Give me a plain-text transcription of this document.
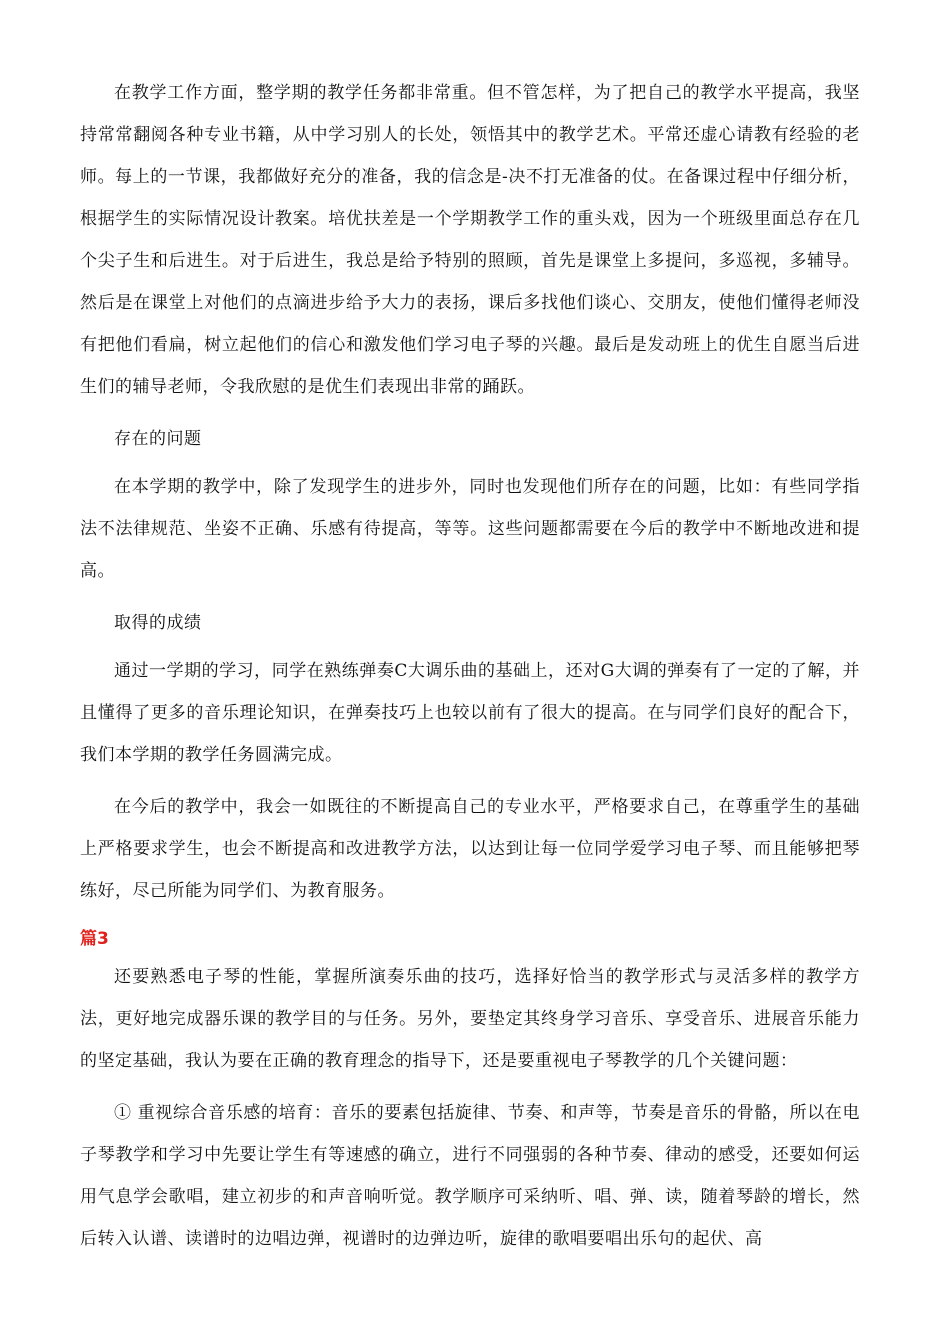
在教学工作方面，整学期的教学任务都非常重。但不管怎样，为了把自己的教学水平提高，我坚持常常翻阅各种专业书籍，从中学习别人的长处，领悟其中的教学艺术。平常还虚心请教有经验的老师。每上的一节课，我都做好充分的准备，我的信念是-决不打无准备的仗。在备课过程中仔细分析，根据学生的实际情况设计教案。培优扶差是一个学期教学工作的重头戏，因为一个班级里面总存在几个尖子生和后进生。对于后进生，我总是给予特别的照顾，首先是课堂上多提问，多巡视，多辅导。然后是在课堂上对他们的点滴进步给予大力的表扬，课后多找他们谈心、交朋友，使他们懂得老师没有把他们看扁，树立起他们的信心和激发他们学习电子琴的兴趣。最后是发动班上的优生自愿当后进生们的辅导老师，令我欣慰的是优生们表现出非常的踊跃。

存在的问题

在本学期的教学中，除了发现学生的进步外，同时也发现他们所存在的问题，比如：有些同学指法不法律规范、坐姿不正确、乐感有待提高，等等。这些问题都需要在今后的教学中不断地改进和提高。

取得的成绩

通过一学期的学习，同学在熟练弹奏C大调乐曲的基础上，还对G大调的弹奏有了一定的了解，并且懂得了更多的音乐理论知识，在弹奏技巧上也较以前有了很大的提高。在与同学们良好的配合下，我们本学期的教学任务圆满完成。

在今后的教学中，我会一如既往的不断提高自己的专业水平，严格要求自己，在尊重学生的基础上严格要求学生，也会不断提高和改进教学方法，以达到让每一位同学爱学习电子琴、而且能够把琴练好，尽己所能为同学们、为教育服务。

篇3

还要熟悉电子琴的性能，掌握所演奏乐曲的技巧，选择好恰当的教学形式与灵活多样的教学方法，更好地完成器乐课的教学目的与任务。另外，要垫定其终身学习音乐、享受音乐、进展音乐能力的坚定基础，我认为要在正确的教育理念的指导下，还是要重视电子琴教学的几个关键问题：

① 重视综合音乐感的培育：音乐的要素包括旋律、节奏、和声等，节奏是音乐的骨骼，所以在电子琴教学和学习中先要让学生有等速感的确立，进行不同强弱的各种节奏、律动的感受，还要如何运用气息学会歌唱，建立初步的和声音响听觉。教学顺序可采纳听、唱、弹、读，随着琴龄的增长，然后转入认谱、读谱时的边唱边弹，视谱时的边弹边听，旋律的歌唱要唱出乐句的起伏、高
